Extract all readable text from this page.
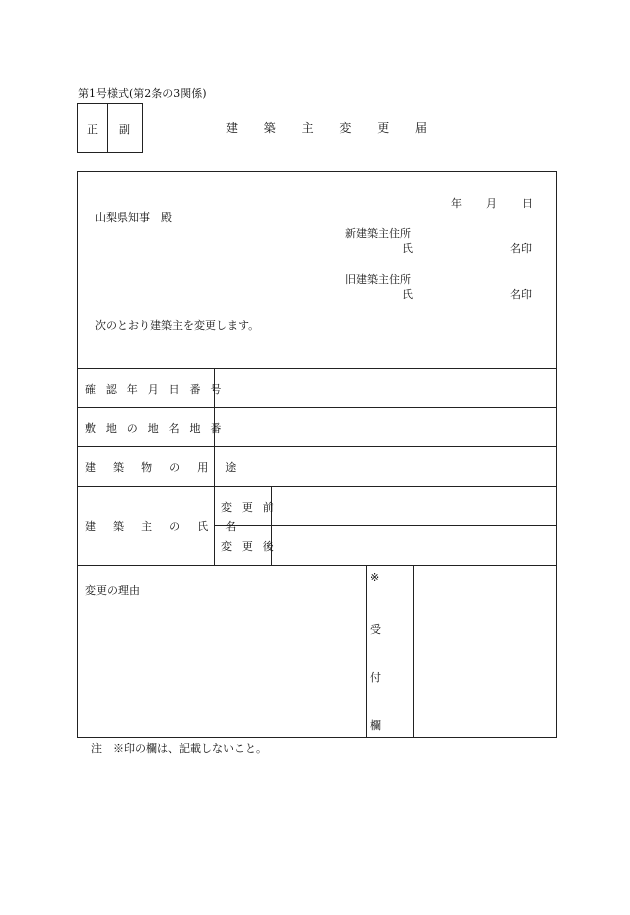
第1号様式(第2条の3関係)
正 副	建築主変更届
年 月 日
山梨県知事　殿
新建築主住所
氏	名印
旧建築主住所
氏	名印
次のとおり建築主を変更します。
確認年月日番号
敷地の地名地番
建築物の用途
建築主の氏名
変更前
変更後
変更の理由
※
受
付
欄
注　※印の欄は、記載しないこと。
